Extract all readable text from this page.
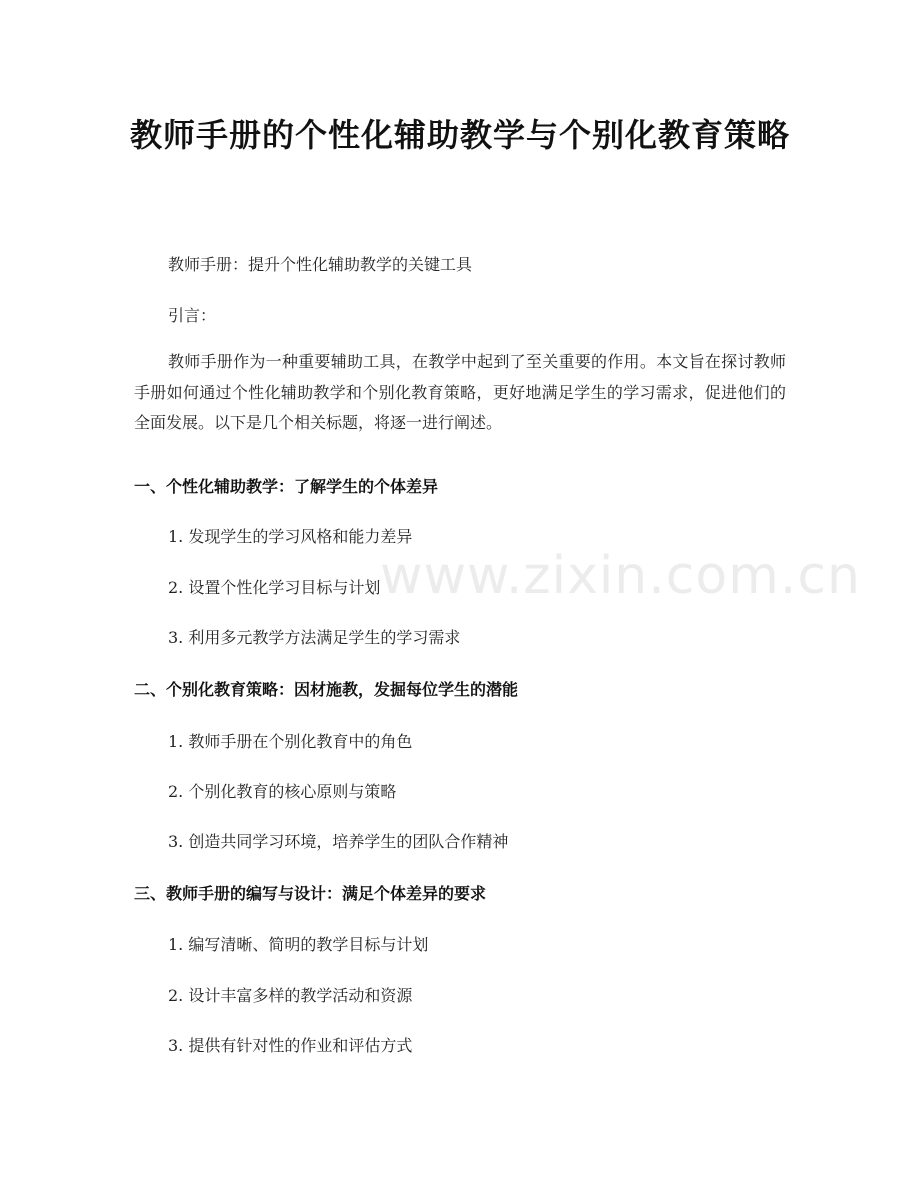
www.zixin.com.cn
教师手册的个性化辅助教学与个别化教育策略
教师手册：提升个性化辅助教学的关键工具
引言：
教师手册作为一种重要辅助工具，在教学中起到了至关重要的作用。本文旨在探讨教师手册如何通过个性化辅助教学和个别化教育策略，更好地满足学生的学习需求，促进他们的全面发展。以下是几个相关标题，将逐一进行阐述。
一、个性化辅助教学：了解学生的个体差异
1. 发现学生的学习风格和能力差异
2. 设置个性化学习目标与计划
3. 利用多元教学方法满足学生的学习需求
二、个别化教育策略：因材施教，发掘每位学生的潜能
1. 教师手册在个别化教育中的角色
2. 个别化教育的核心原则与策略
3. 创造共同学习环境，培养学生的团队合作精神
三、教师手册的编写与设计：满足个体差异的要求
1. 编写清晰、简明的教学目标与计划
2. 设计丰富多样的教学活动和资源
3. 提供有针对性的作业和评估方式
